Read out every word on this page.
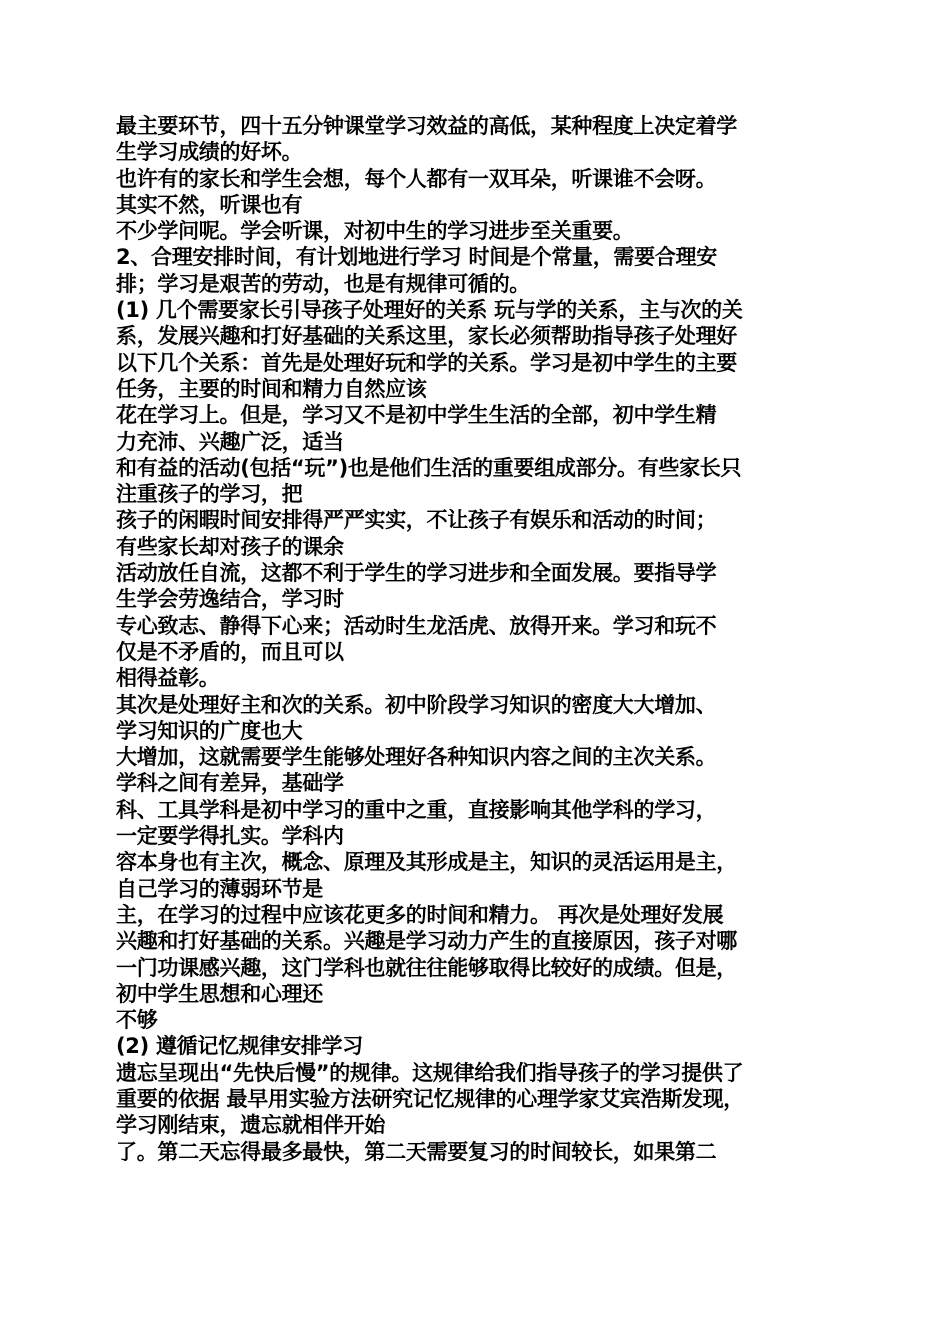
最主要环节，四十五分钟课堂学习效益的高低，某种程度上决定着学
生学习成绩的好坏。
也许有的家长和学生会想，每个人都有一双耳朵，听课谁不会呀。
其实不然，听课也有
不少学问呢。学会听课，对初中生的学习进步至关重要。
2、合理安排时间，有计划地进行学习 时间是个常量，需要合理安
排；学习是艰苦的劳动，也是有规律可循的。
(1) 几个需要家长引导孩子处理好的关系 玩与学的关系，主与次的关
系，发展兴趣和打好基础的关系这里，家长必须帮助指导孩子处理好
以下几个关系：首先是处理好玩和学的关系。学习是初中学生的主要
任务，主要的时间和精力自然应该
花在学习上。但是，学习又不是初中学生生活的全部，初中学生精
力充沛、兴趣广泛，适当
和有益的活动(包括“玩”)也是他们生活的重要组成部分。有些家长只
注重孩子的学习，把
孩子的闲暇时间安排得严严实实，不让孩子有娱乐和活动的时间；
有些家长却对孩子的课余
活动放任自流，这都不利于学生的学习进步和全面发展。要指导学
生学会劳逸结合，学习时
专心致志、静得下心来；活动时生龙活虎、放得开来。学习和玩不
仅是不矛盾的，而且可以
相得益彰。
其次是处理好主和次的关系。初中阶段学习知识的密度大大增加、
学习知识的广度也大
大增加，这就需要学生能够处理好各种知识内容之间的主次关系。
学科之间有差异，基础学
科、工具学科是初中学习的重中之重，直接影响其他学科的学习，
一定要学得扎实。学科内
容本身也有主次，概念、原理及其形成是主，知识的灵活运用是主，
自己学习的薄弱环节是
主，在学习的过程中应该花更多的时间和精力。 再次是处理好发展
兴趣和打好基础的关系。兴趣是学习动力产生的直接原因，孩子对哪
一门功课感兴趣，这门学科也就往往能够取得比较好的成绩。但是，
初中学生思想和心理还
不够
(2) 遵循记忆规律安排学习
遗忘呈现出“先快后慢”的规律。这规律给我们指导孩子的学习提供了
重要的依据 最早用实验方法研究记忆规律的心理学家艾宾浩斯发现，
学习刚结束，遗忘就相伴开始
了。第二天忘得最多最快，第二天需要复习的时间较长，如果第二
